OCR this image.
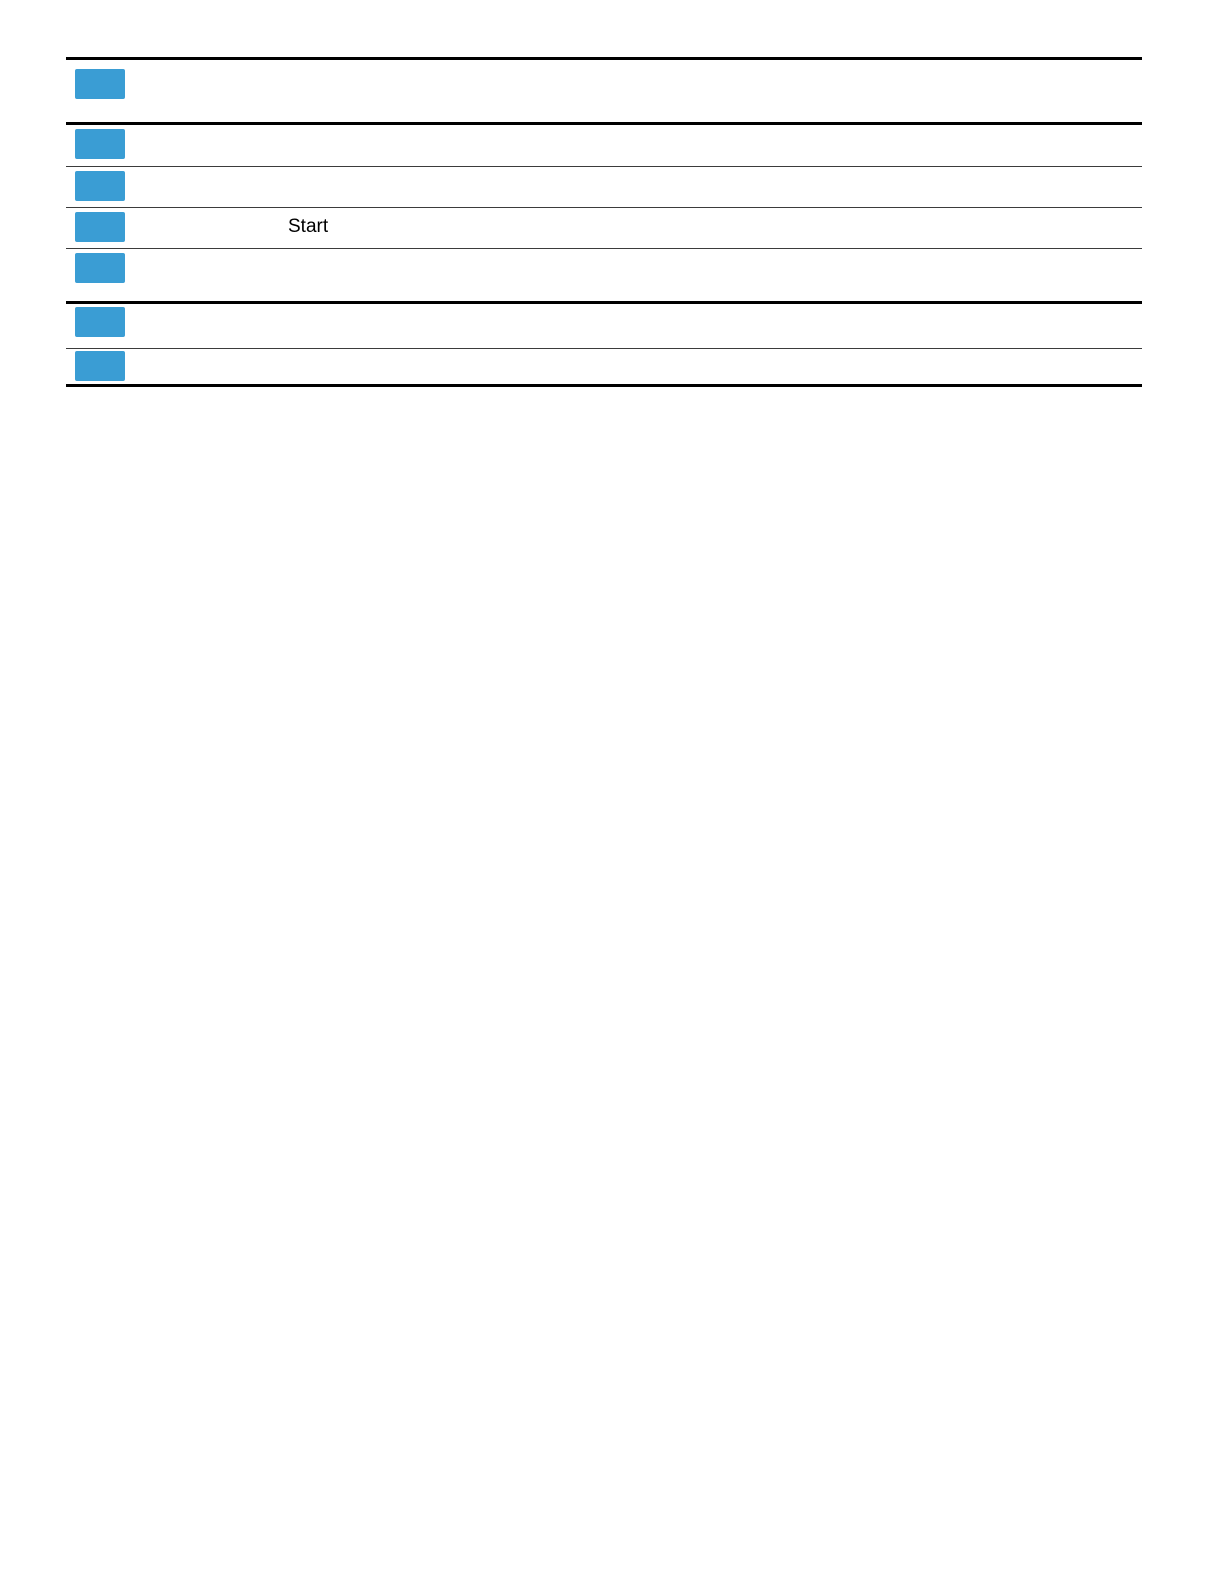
Start
